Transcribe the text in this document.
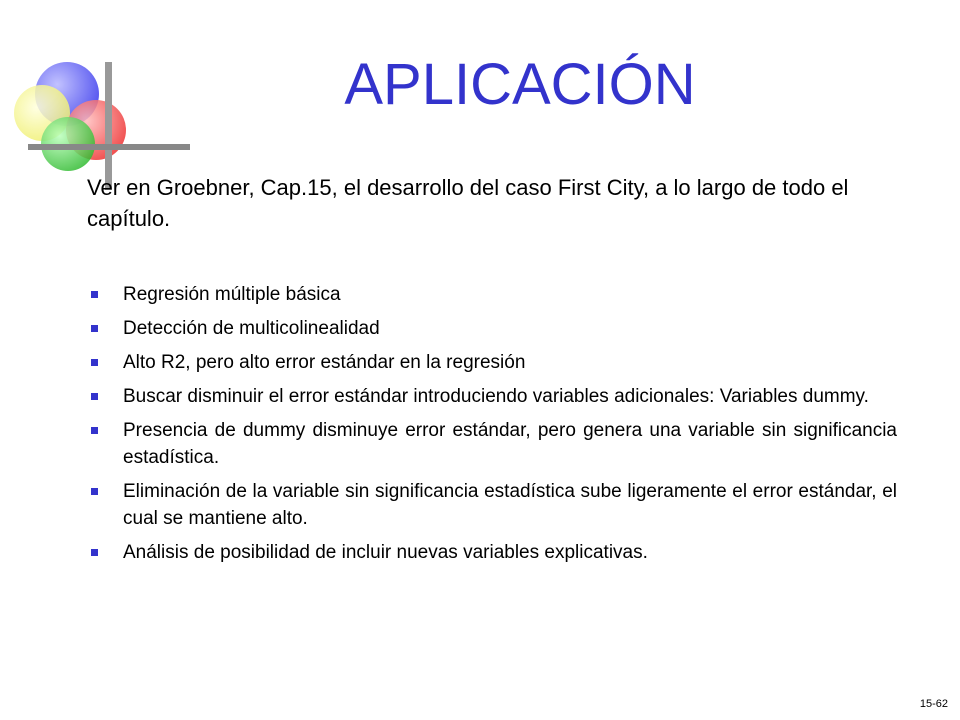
APLICACIÓN

Ver en Groebner, Cap.15, el desarrollo del caso First City, a lo largo de todo el capítulo.

Regresión múltiple básica
Detección de multicolinealidad
Alto R2, pero alto error estándar en la regresión
Buscar disminuir el error estándar introduciendo variables adicionales: Variables dummy.
Presencia de dummy disminuye error estándar, pero genera una variable sin significancia estadística.
Eliminación de la variable sin significancia estadística sube ligeramente el error estándar, el cual se mantiene alto.
Análisis de posibilidad de incluir nuevas variables explicativas.
15-62
